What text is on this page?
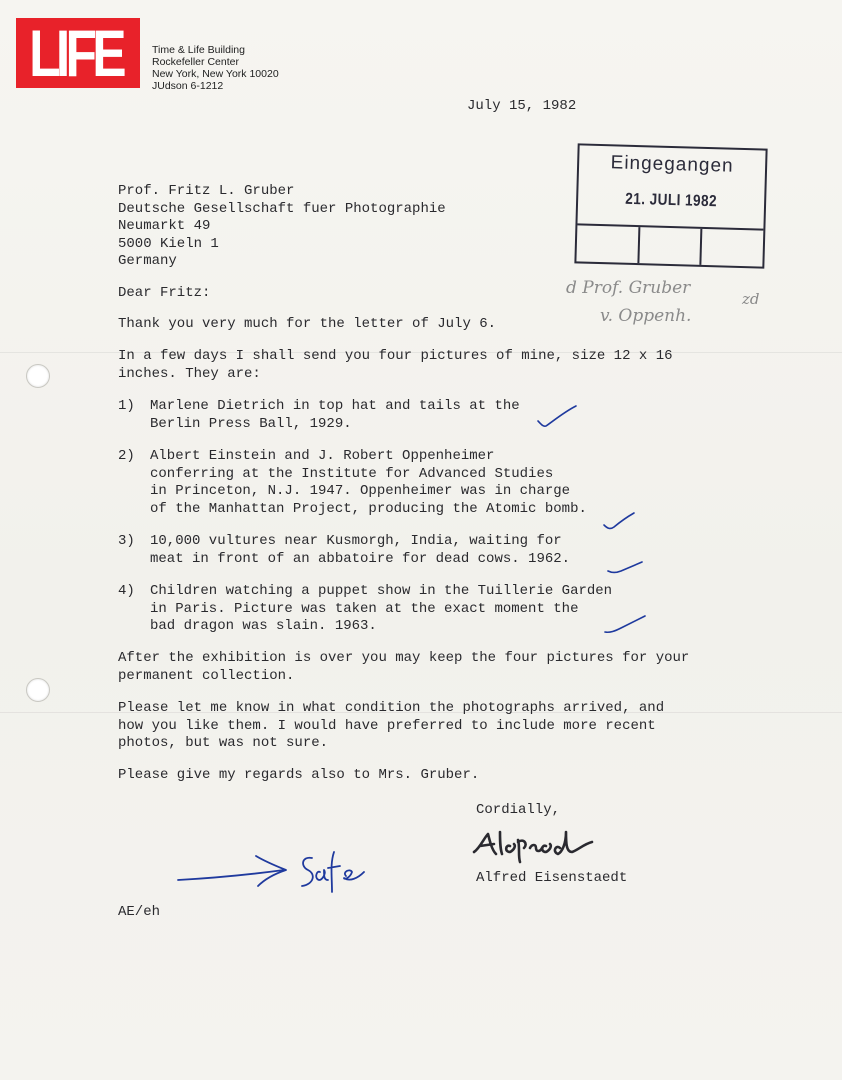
LIFE	Time & Life Building
Rockefeller Center
New York, New York 10020
JUdson 6-1212
July 15, 1982
Eingegangen
21. JULI 1982
d Prof. Gruber
zd
v. Oppenh.
Prof. Fritz L. Gruber
Deutsche Gesellschaft fuer Photographie
Neumarkt 49
5000 Kieln 1
Germany
Dear Fritz:
Thank you very much for the letter of July 6.
In a few days I shall send you four pictures of mine, size 12 x 16
inches. They are:
1) Marlene Dietrich in top hat and tails at the
Berlin Press Ball, 1929.
2) Albert Einstein and J. Robert Oppenheimer
conferring at the Institute for Advanced Studies
in Princeton, N.J. 1947. Oppenheimer was in charge
of the Manhattan Project, producing the Atomic bomb.
3) 10,000 vultures near Kusmorgh, India, waiting for
meat in front of an abbatoire for dead cows. 1962.
4) Children watching a puppet show in the Tuillerie Garden
in Paris. Picture was taken at the exact moment the
bad dragon was slain. 1963.
After the exhibition is over you may keep the four pictures for your
permanent collection.
Please let me know in what condition the photographs arrived, and
how you like them. I would have preferred to include more recent
photos, but was not sure.
Please give my regards also to Mrs. Gruber.
Cordially,
Alfred Eisenstaedt
AE/eh
